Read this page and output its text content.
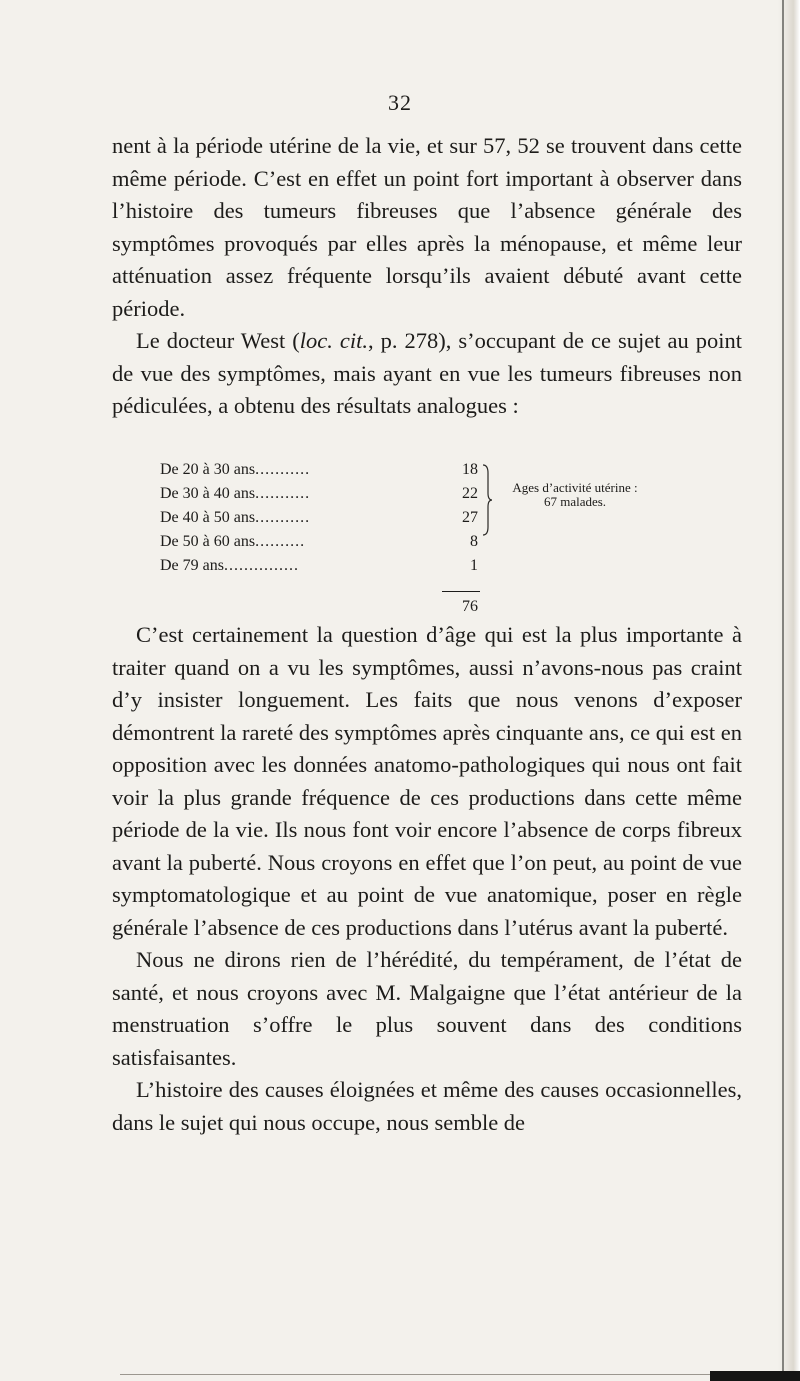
32

nent à la période utérine de la vie, et sur 57, 52 se trouvent dans cette même période. C’est en effet un point fort important à observer dans l’histoire des tumeurs fibreuses que l’absence générale des symptômes provoqués par elles après la ménopause, et même leur atténuation assez fréquente lorsqu’ils avaient débuté avant cette période.

Le docteur West (loc. cit., p. 278), s’occupant de ce sujet au point de vue des symptômes, mais ayant en vue les tumeurs fibreuses non pédiculées, a obtenu des résultats analogues :

De 20 à 30 ans...........	18
De 30 à 40 ans...........	22
De 40 à 50 ans...........	27
De 50 à 60 ans..........	8
De 79 ans...............	1
Ages d’activité utérine :
67 malades.
76

C’est certainement la question d’âge qui est la plus importante à traiter quand on a vu les symptômes, aussi n’avons-nous pas craint d’y insister longuement. Les faits que nous venons d’exposer démontrent la rareté des symptômes après cinquante ans, ce qui est en opposition avec les données anatomo-pathologiques qui nous ont fait voir la plus grande fréquence de ces productions dans cette même période de la vie. Ils nous font voir encore l’absence de corps fibreux avant la puberté. Nous croyons en effet que l’on peut, au point de vue symptomatologique et au point de vue anatomique, poser en règle générale l’absence de ces productions dans l’utérus avant la puberté.

Nous ne dirons rien de l’hérédité, du tempérament, de l’état de santé, et nous croyons avec M. Malgaigne que l’état antérieur de la menstruation s’offre le plus souvent dans des conditions satisfaisantes.

L’histoire des causes éloignées et même des causes occasionnelles, dans le sujet qui nous occupe, nous semble de
